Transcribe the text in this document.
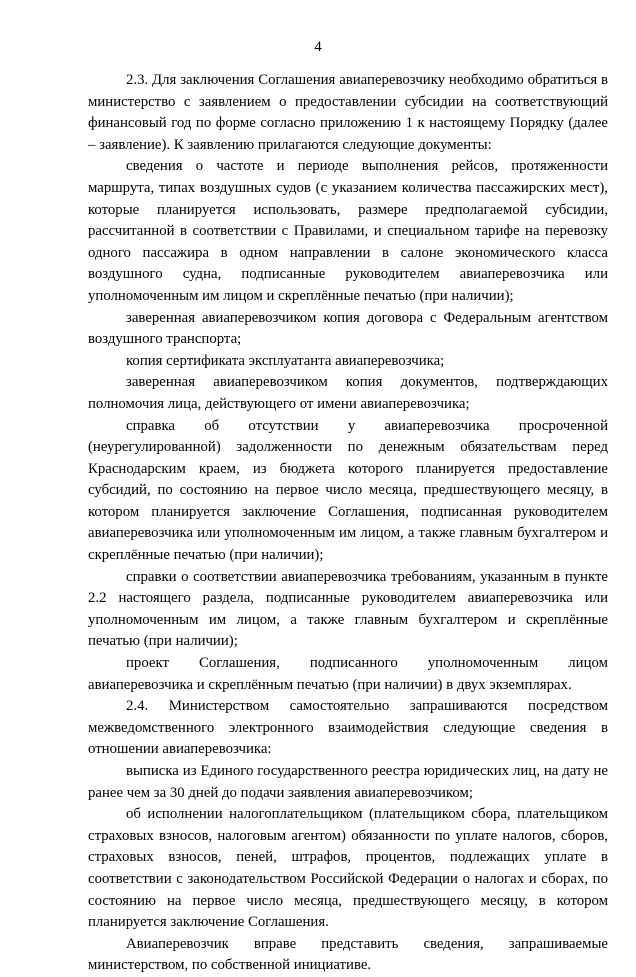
4

2.3. Для заключения Соглашения авиаперевозчику необходимо обратиться в министерство с заявлением о предоставлении субсидии на соответствующий финансовый год по форме согласно приложению 1 к настоящему Порядку (далее – заявление). К заявлению прилагаются следующие документы:

сведения о частоте и периоде выполнения рейсов, протяженности маршрута, типах воздушных судов (с указанием количества пассажирских мест), которые планируется использовать, размере предполагаемой субсидии, рассчитанной в соответствии с Правилами, и специальном тарифе на перевозку одного пассажира в одном направлении в салоне экономического класса воздушного судна, подписанные руководителем авиаперевозчика или уполномоченным им лицом и скреплённые печатью (при наличии);

заверенная авиаперевозчиком копия договора с Федеральным агентством воздушного транспорта;

копия сертификата эксплуатанта авиаперевозчика;

заверенная авиаперевозчиком копия документов, подтверждающих полномочия лица, действующего от имени авиаперевозчика;

справка об отсутствии у авиаперевозчика просроченной (неурегулированной) задолженности по денежным обязательствам перед Краснодарским краем, из бюджета которого планируется предоставление субсидий, по состоянию на первое число месяца, предшествующего месяцу, в котором планируется заключение Соглашения, подписанная руководителем авиаперевозчика или уполномоченным им лицом, а также главным бухгалтером и скреплённые печатью (при наличии);

справки о соответствии авиаперевозчика требованиям, указанным в пункте 2.2 настоящего раздела, подписанные руководителем авиаперевозчика или уполномоченным им лицом, а также главным бухгалтером и скреплённые печатью (при наличии);

проект Соглашения, подписанного уполномоченным лицом авиаперевозчика и скреплённым печатью (при наличии) в двух экземплярах.

2.4. Министерством самостоятельно запрашиваются посредством межведомственного электронного взаимодействия следующие сведения в отношении авиаперевозчика:

выписка из Единого государственного реестра юридических лиц, на дату не ранее чем за 30 дней до подачи заявления авиаперевозчиком;

об исполнении налогоплательщиком (плательщиком сбора, плательщиком страховых взносов, налоговым агентом) обязанности по уплате налогов, сборов, страховых взносов, пеней, штрафов, процентов, подлежащих уплате в соответствии с законодательством Российской Федерации о налогах и сборах, по состоянию на первое число месяца, предшествующего месяцу, в котором планируется заключение Соглашения.

Авиаперевозчик вправе представить сведения, запрашиваемые министерством, по собственной инициативе.
